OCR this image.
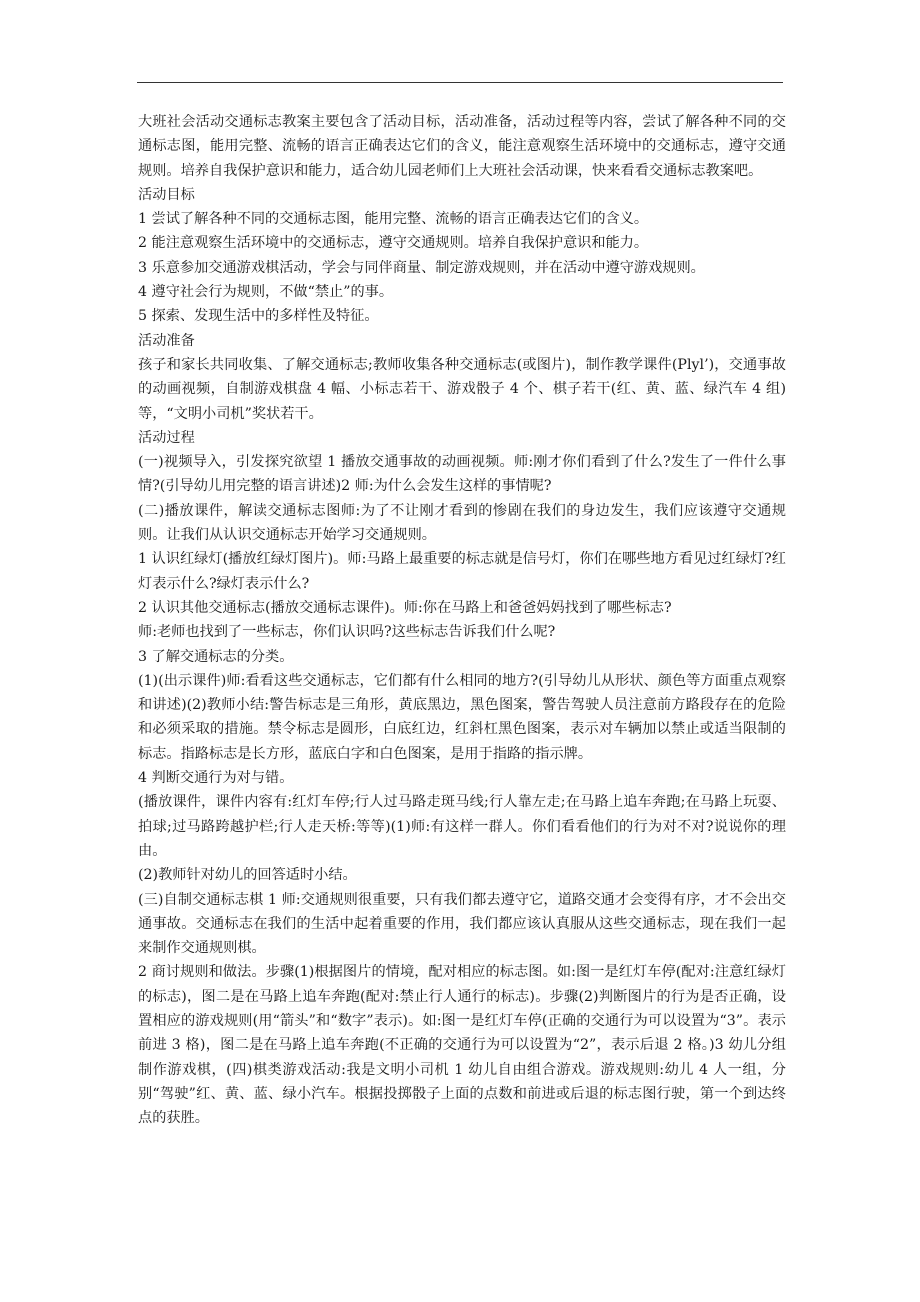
大班社会活动交通标志教案主要包含了活动目标，活动准备，活动过程等内容，尝试了解各种不同的交通标志图，能用完整、流畅的语言正确表达它们的含义，能注意观察生活环境中的交通标志，遵守交通规则。培养自我保护意识和能力，适合幼儿园老师们上大班社会活动课，快来看看交通标志教案吧。

活动目标

1 尝试了解各种不同的交通标志图，能用完整、流畅的语言正确表达它们的含义。

2 能注意观察生活环境中的交通标志，遵守交通规则。培养自我保护意识和能力。

3 乐意参加交通游戏棋活动，学会与同伴商量、制定游戏规则，并在活动中遵守游戏规则。

4 遵守社会行为规则，不做“禁止”的事。

5 探索、发现生活中的多样性及特征。

活动准备

孩子和家长共同收集、了解交通标志;教师收集各种交通标志(或图片)，制作教学课件(Plyl’)，交通事故的动画视频，自制游戏棋盘 4 幅、小标志若干、游戏骰子 4 个、棋子若干(红、黄、蓝、绿汽车 4 组)等，“文明小司机”奖状若干。

活动过程

(一)视频导入，引发探究欲望 1 播放交通事故的动画视频。师:刚才你们看到了什么?发生了一件什么事情?(引导幼儿用完整的语言讲述)2 师:为什么会发生这样的事情呢?

(二)播放课件，解读交通标志图师:为了不让刚才看到的惨剧在我们的身边发生，我们应该遵守交通规则。让我们从认识交通标志开始学习交通规则。

1 认识红绿灯(播放红绿灯图片)。师:马路上最重要的标志就是信号灯，你们在哪些地方看见过红绿灯?红灯表示什么?绿灯表示什么?

2 认识其他交通标志(播放交通标志课件)。师:你在马路上和爸爸妈妈找到了哪些标志?

师:老师也找到了一些标志，你们认识吗?这些标志告诉我们什么呢?

3 了解交通标志的分类。

(1)(出示课件)师:看看这些交通标志，它们都有什么相同的地方?(引导幼儿从形状、颜色等方面重点观察和讲述)(2)教师小结:警告标志是三角形，黄底黑边，黑色图案，警告驾驶人员注意前方路段存在的危险和必须采取的措施。禁令标志是圆形，白底红边，红斜杠黑色图案，表示对车辆加以禁止或适当限制的标志。指路标志是长方形，蓝底白字和白色图案，是用于指路的指示牌。

4 判断交通行为对与错。

(播放课件，课件内容有:红灯车停;行人过马路走斑马线;行人靠左走;在马路上追车奔跑;在马路上玩耍、拍球;过马路跨越护栏;行人走天桥:等等)(1)师:有这样一群人。你们看看他们的行为对不对?说说你的理由。

(2)教师针对幼儿的回答适时小结。

(三)自制交通标志棋 1 师:交通规则很重要，只有我们都去遵守它，道路交通才会变得有序，才不会出交通事故。交通标志在我们的生活中起着重要的作用，我们都应该认真服从这些交通标志，现在我们一起来制作交通规则棋。

2 商讨规则和做法。步骤(1)根据图片的情境，配对相应的标志图。如:图一是红灯车停(配对:注意红绿灯的标志)，图二是在马路上追车奔跑(配对:禁止行人通行的标志)。步骤(2)判断图片的行为是否正确，设置相应的游戏规则(用“箭头”和“数字”表示)。如:图一是红灯车停(正确的交通行为可以设置为“3”。表示前进 3 格)，图二是在马路上追车奔跑(不正确的交通行为可以设置为“2”，表示后退 2 格。)3 幼儿分组制作游戏棋，(四)棋类游戏活动:我是文明小司机 1 幼儿自由组合游戏。游戏规则:幼儿 4 人一组，分别“驾驶”红、黄、蓝、绿小汽车。根据投掷骰子上面的点数和前进或后退的标志图行驶，第一个到达终点的获胜。
